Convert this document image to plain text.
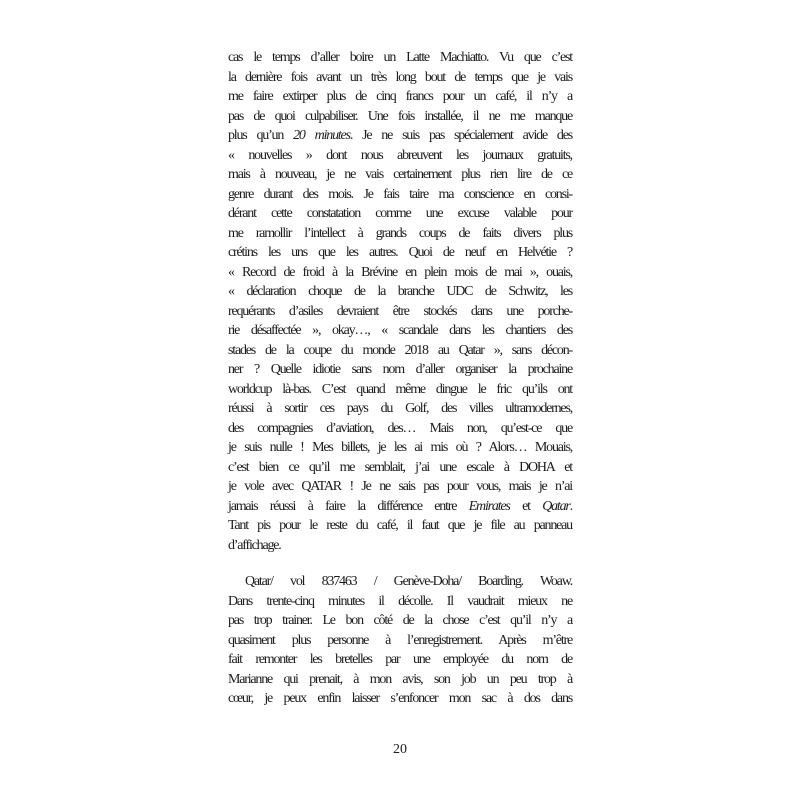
cas le temps d’aller boire un Latte Machiatto. Vu que c’est
la dernière fois avant un très long bout de temps que je vais
me faire extirper plus de cinq francs pour un café, il n’y a
pas de quoi culpabiliser. Une fois installée, il ne me manque
plus qu’un 20 minutes. Je ne suis pas spécialement avide des
« nouvelles » dont nous abreuvent les journaux gratuits,
mais à nouveau, je ne vais certainement plus rien lire de ce
genre durant des mois. Je fais taire ma conscience en consi-
dérant cette constatation comme une excuse valable pour
me ramollir l’intellect à grands coups de faits divers plus
crétins les uns que les autres. Quoi de neuf en Helvétie ?
« Record de froid à la Brévine en plein mois de mai », ouais,
« déclaration choque de la branche UDC de Schwitz, les
requérants d’asiles devraient être stockés dans une porche-
rie désaffectée », okay…, « scandale dans les chantiers des
stades de la coupe du monde 2018 au Qatar », sans décon-
ner ? Quelle idiotie sans nom d’aller organiser la prochaine
worldcup là-bas. C’est quand même dingue le fric qu’ils ont
réussi à sortir ces pays du Golf, des villes ultramodernes,
des compagnies d’aviation, des… Mais non, qu’est-ce que
je suis nulle ! Mes billets, je les ai mis où ? Alors… Mouais,
c’est bien ce qu’il me semblait, j’ai une escale à DOHA et
je vole avec QATAR ! Je ne sais pas pour vous, mais je n’ai
jamais réussi à faire la différence entre Emirates et Qatar.
Tant pis pour le reste du café, il faut que je file au panneau
d’affichage.
Qatar/ vol 837463 / Genève-Doha/ Boarding. Woaw.
Dans trente-cinq minutes il décolle. Il vaudrait mieux ne
pas trop trainer. Le bon côté de la chose c’est qu’il n’y a
quasiment plus personne à l’enregistrement. Après m’être
fait remonter les bretelles par une employée du nom de
Marianne qui prenait, à mon avis, son job un peu trop à
cœur, je peux enfin laisser s’enfoncer mon sac à dos dans
20
